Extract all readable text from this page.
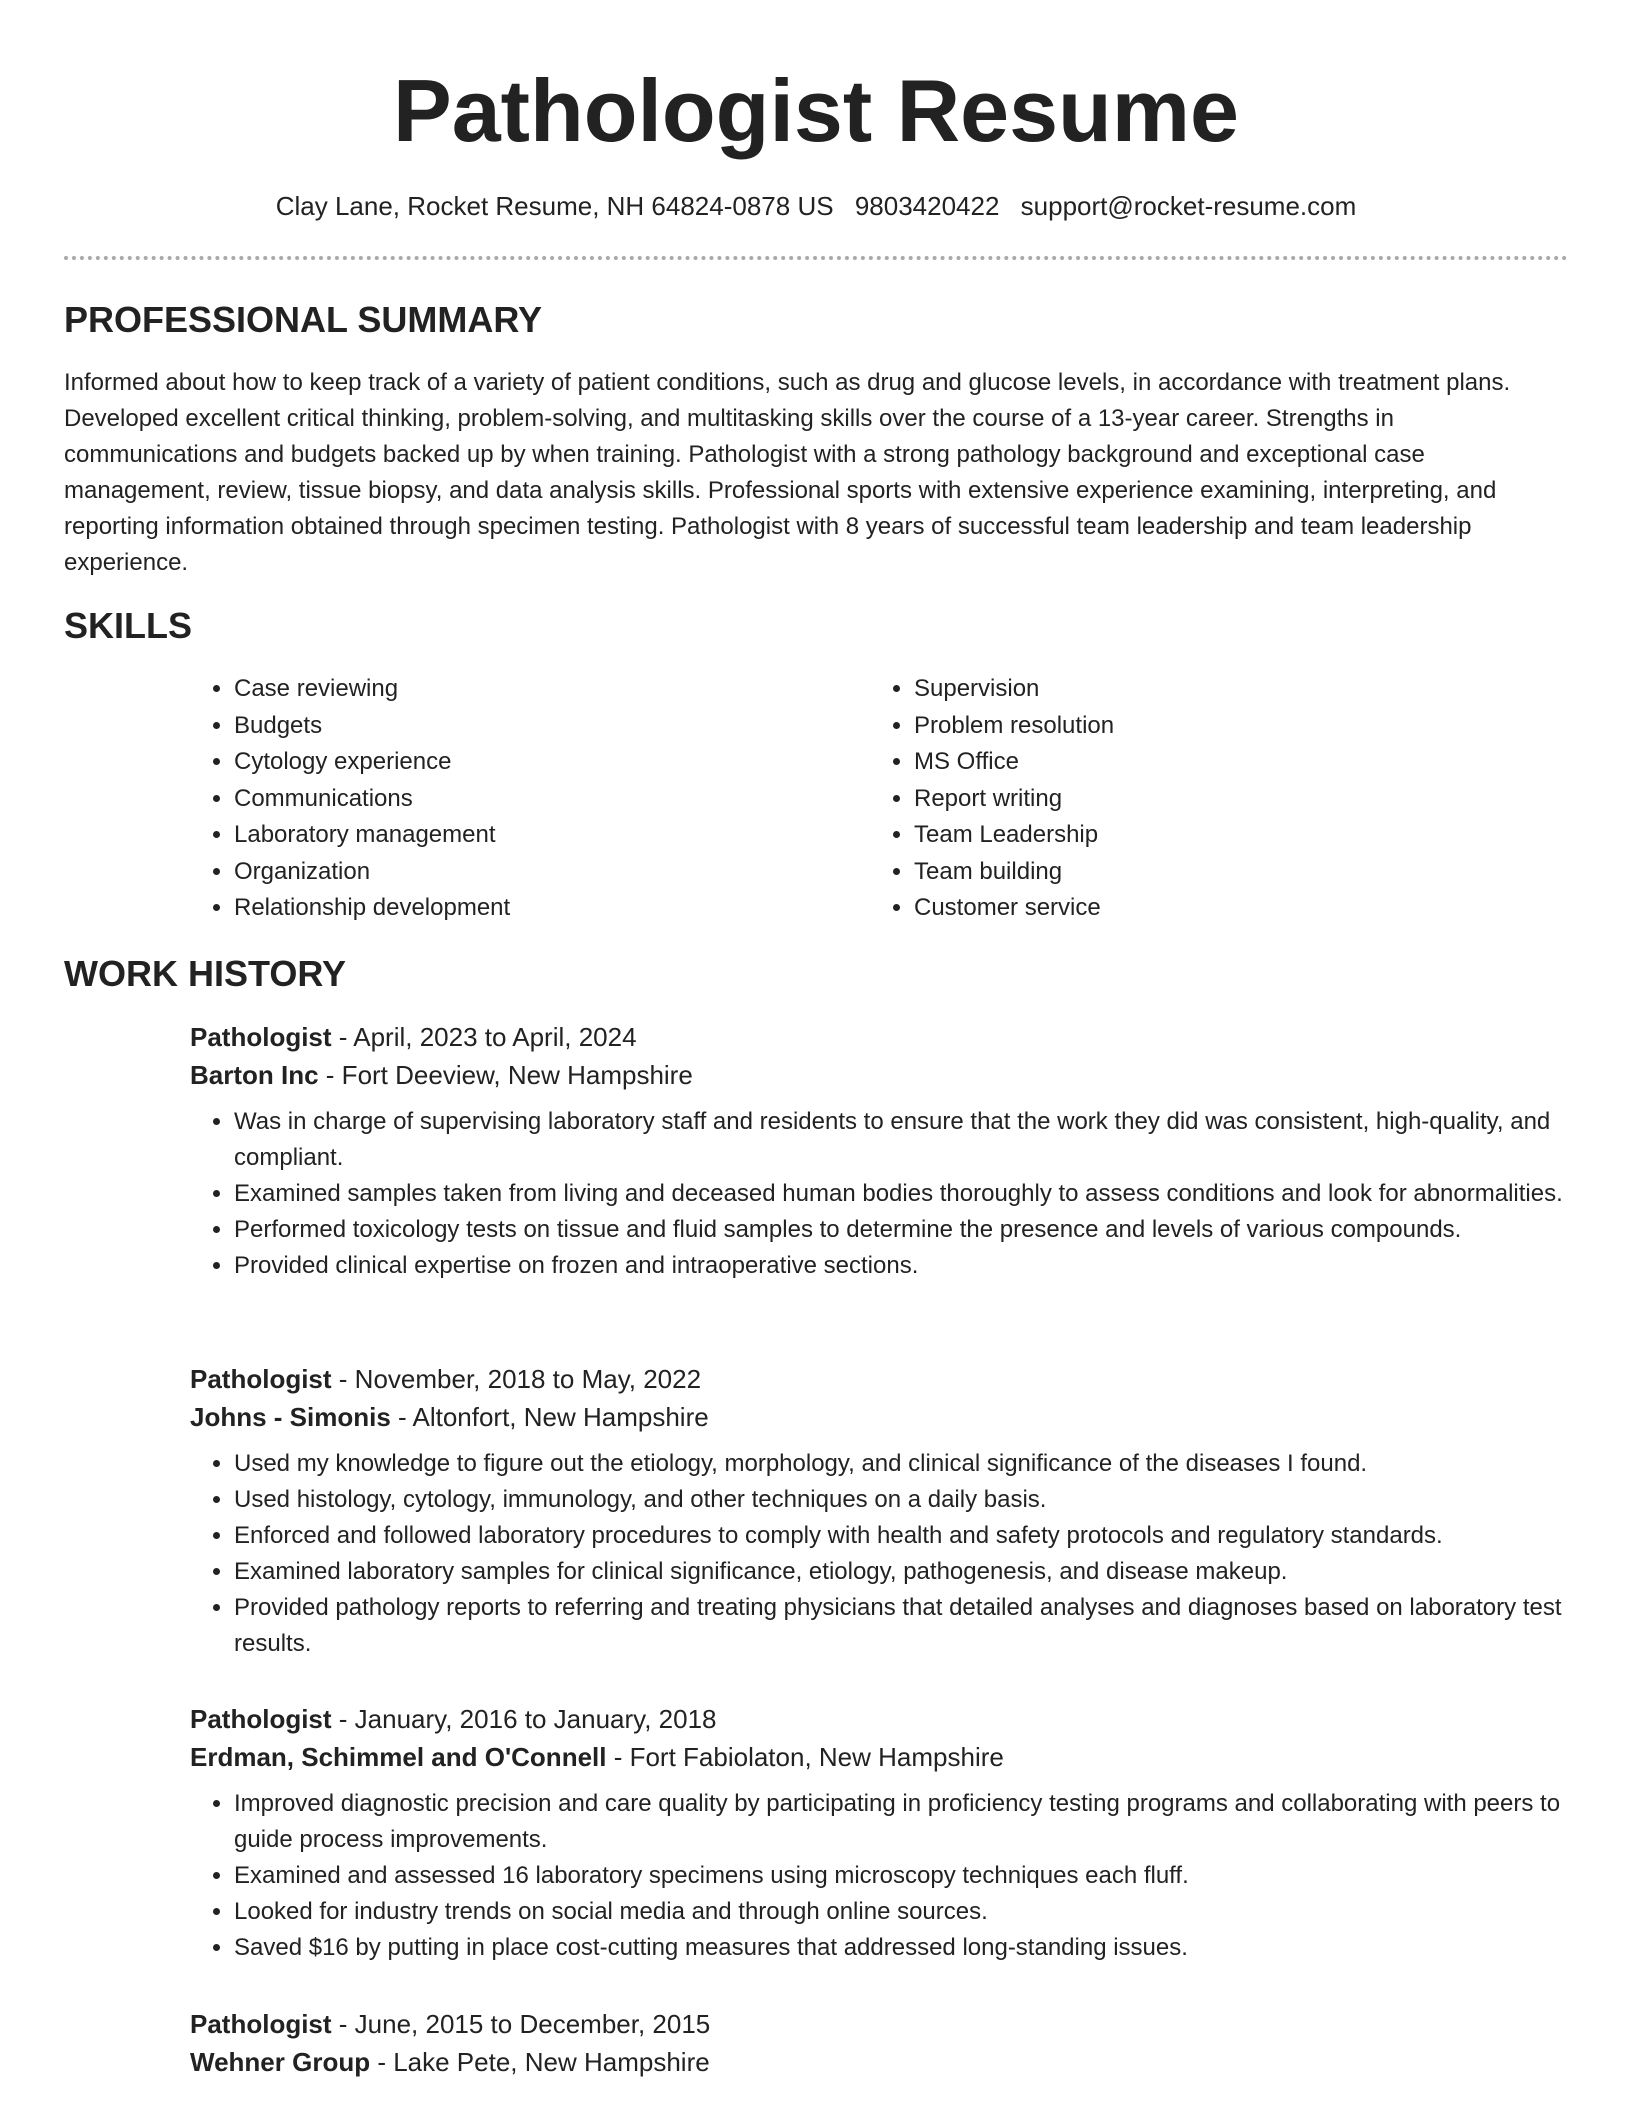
Pathologist Resume
Clay Lane, Rocket Resume, NH 64824-0878 US 9803420422 support@rocket-resume.com
PROFESSIONAL SUMMARY

Informed about how to keep track of a variety of patient conditions, such as drug and glucose levels, in accordance with treatment plans. Developed excellent critical thinking, problem-solving, and multitasking skills over the course of a 13-year career. Strengths in communications and budgets backed up by when training. Pathologist with a strong pathology background and exceptional case management, review, tissue biopsy, and data analysis skills. Professional sports with extensive experience examining, interpreting, and reporting information obtained through specimen testing. Pathologist with 8 years of successful team leadership and team leadership experience.

SKILLS
• Case reviewing
• Budgets
• Cytology experience
• Communications
• Laboratory management
• Organization
• Relationship development
• Supervision
• Problem resolution
• MS Office
• Report writing
• Team Leadership
• Team building
• Customer service
WORK HISTORY
Pathologist - April, 2023 to April, 2024
Barton Inc - Fort Deeview, New Hampshire
• Was in charge of supervising laboratory staff and residents to ensure that the work they did was consistent, high-quality, and compliant.
• Examined samples taken from living and deceased human bodies thoroughly to assess conditions and look for abnormalities.
• Performed toxicology tests on tissue and fluid samples to determine the presence and levels of various compounds.
• Provided clinical expertise on frozen and intraoperative sections.
Pathologist - November, 2018 to May, 2022
Johns - Simonis - Altonfort, New Hampshire
• Used my knowledge to figure out the etiology, morphology, and clinical significance of the diseases I found.
• Used histology, cytology, immunology, and other techniques on a daily basis.
• Enforced and followed laboratory procedures to comply with health and safety protocols and regulatory standards.
• Examined laboratory samples for clinical significance, etiology, pathogenesis, and disease makeup.
• Provided pathology reports to referring and treating physicians that detailed analyses and diagnoses based on laboratory test results.
Pathologist - January, 2016 to January, 2018
Erdman, Schimmel and O'Connell - Fort Fabiolaton, New Hampshire
• Improved diagnostic precision and care quality by participating in proficiency testing programs and collaborating with peers to guide process improvements.
• Examined and assessed 16 laboratory specimens using microscopy techniques each fluff.
• Looked for industry trends on social media and through online sources.
• Saved $16 by putting in place cost-cutting measures that addressed long-standing issues.
Pathologist - June, 2015 to December, 2015
Wehner Group - Lake Pete, New Hampshire
